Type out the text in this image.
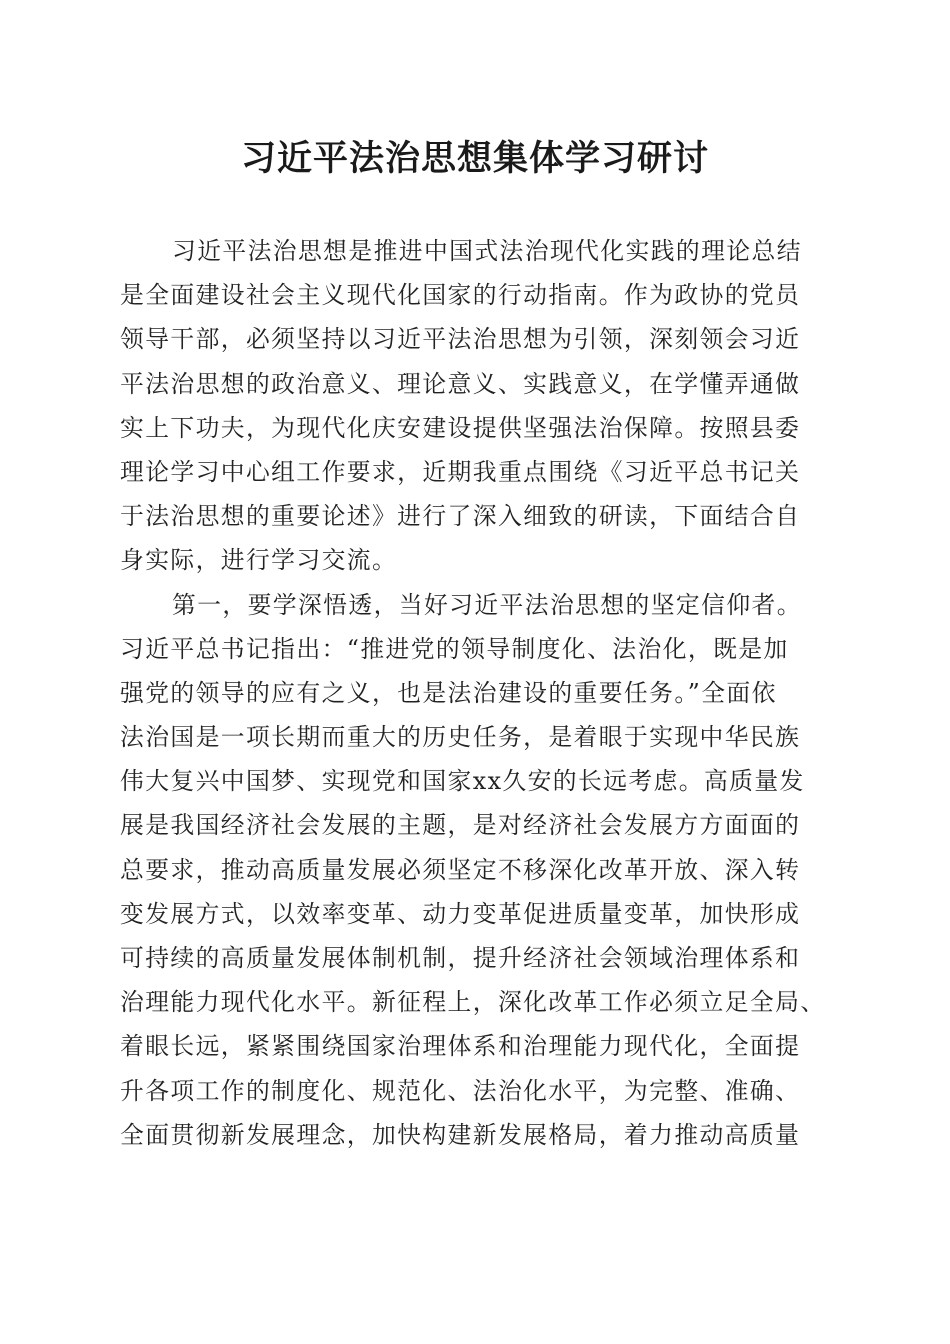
习近平法治思想集体学习研讨
习近平法治思想是推进中国式法治现代化实践的理论总结
是全面建设社会主义现代化国家的行动指南。作为政协的党员
领导干部，必须坚持以习近平法治思想为引领，深刻领会习近
平法治思想的政治意义、理论意义、实践意义，在学懂弄通做
实上下功夫，为现代化庆安建设提供坚强法治保障。按照县委
理论学习中心组工作要求，近期我重点围绕《习近平总书记关
于法治思想的重要论述》进行了深入细致的研读，下面结合自
身实际，进行学习交流。
第一，要学深悟透，当好习近平法治思想的坚定信仰者。
习近平总书记指出：“推进党的领导制度化、法治化，既是加
强党的领导的应有之义，也是法治建设的重要任务。”全面依
法治国是一项长期而重大的历史任务，是着眼于实现中华民族
伟大复兴中国梦、实现党和国家xx久安的长远考虑。高质量发
展是我国经济社会发展的主题，是对经济社会发展方方面面的
总要求，推动高质量发展必须坚定不移深化改革开放、深入转
变发展方式，以效率变革、动力变革促进质量变革，加快形成
可持续的高质量发展体制机制，提升经济社会领域治理体系和
治理能力现代化水平。新征程上，深化改革工作必须立足全局、
着眼长远，紧紧围绕国家治理体系和治理能力现代化，全面提
升各项工作的制度化、规范化、法治化水平，为完整、准确、
全面贯彻新发展理念，加快构建新发展格局，着力推动高质量
